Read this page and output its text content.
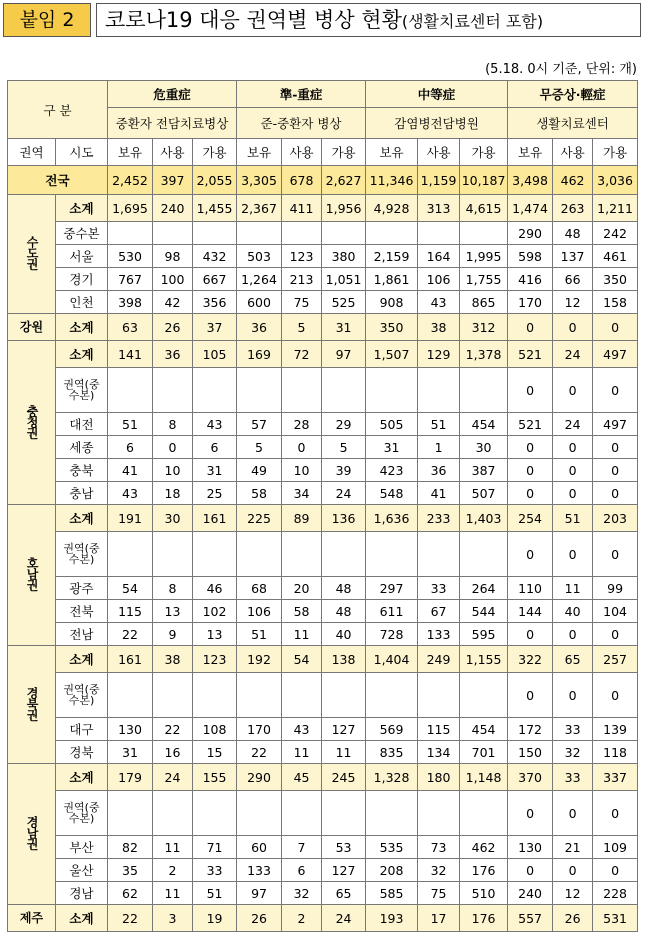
붙임 2	코로나19 대응 권역별 병상 현황(생활치료센터 포함)
(5.18. 0시 기준, 단위: 개)
구 분		危重症			準-重症			中等症			무증상·輕症		
		중환자 전담치료병상			준-중환자 병상			감염병전담병원			생활치료센터		
권역	시도	보유	사용	가용	보유	사용	가용	보유	사용	가용	보유	사용	가용
전국		2,452	397	2,055	3,305	678	2,627	11,346	1,159	10,187	3,498	462	3,036
수도권	소계	1,695	240	1,455	2,367	411	1,956	4,928	313	4,615	1,474	263	1,211
	중수본										290	48	242
	서울	530	98	432	503	123	380	2,159	164	1,995	598	137	461
	경기	767	100	667	1,264	213	1,051	1,861	106	1,755	416	66	350
	인천	398	42	356	600	75	525	908	43	865	170	12	158
강원	소계	63	26	37	36	5	31	350	38	312	0	0	0
충청권	소계	141	36	105	169	72	97	1,507	129	1,378	521	24	497
	권역(중수본)										0	0	0
	대전	51	8	43	57	28	29	505	51	454	521	24	497
	세종	6	0	6	5	0	5	31	1	30	0	0	0
	충북	41	10	31	49	10	39	423	36	387	0	0	0
	충남	43	18	25	58	34	24	548	41	507	0	0	0
호남권	소계	191	30	161	225	89	136	1,636	233	1,403	254	51	203
	권역(중수본)										0	0	0
	광주	54	8	46	68	20	48	297	33	264	110	11	99
	전북	115	13	102	106	58	48	611	67	544	144	40	104
	전남	22	9	13	51	11	40	728	133	595	0	0	0
경북권	소계	161	38	123	192	54	138	1,404	249	1,155	322	65	257
	권역(중수본)										0	0	0
	대구	130	22	108	170	43	127	569	115	454	172	33	139
	경북	31	16	15	22	11	11	835	134	701	150	32	118
경남권	소계	179	24	155	290	45	245	1,328	180	1,148	370	33	337
	권역(중수본)										0	0	0
	부산	82	11	71	60	7	53	535	73	462	130	21	109
	울산	35	2	33	133	6	127	208	32	176	0	0	0
	경남	62	11	51	97	32	65	585	75	510	240	12	228
제주	소계	22	3	19	26	2	24	193	17	176	557	26	531
